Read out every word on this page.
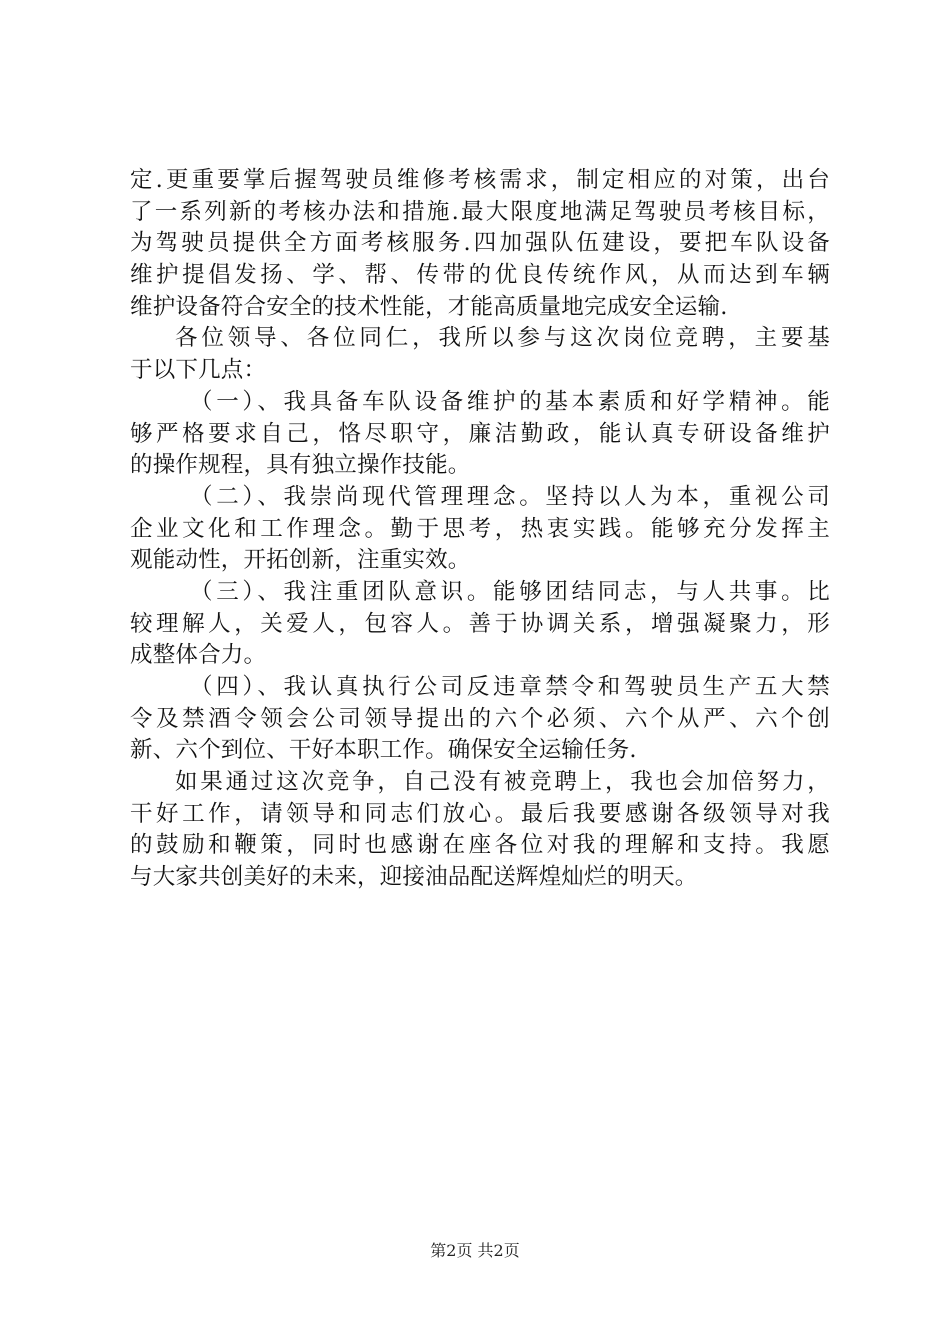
定.更重要掌后握驾驶员维修考核需求，制定相应的对策，出台
了一系列新的考核办法和措施.最大限度地满足驾驶员考核目标，
为驾驶员提供全方面考核服务.四加强队伍建设，要把车队设备
维护提倡发扬、学、帮、传带的优良传统作风，从而达到车辆
维护设备符合安全的技术性能，才能高质量地完成安全运输.
各位领导、各位同仁，我所以参与这次岗位竞聘，主要基
于以下几点：
（一）、我具备车队设备维护的基本素质和好学精神。能
够严格要求自己，恪尽职守，廉洁勤政，能认真专研设备维护
的操作规程，具有独立操作技能。
（二）、我崇尚现代管理理念。坚持以人为本，重视公司
企业文化和工作理念。勤于思考，热衷实践。能够充分发挥主
观能动性，开拓创新，注重实效。
（三）、我注重团队意识。能够团结同志，与人共事。比
较理解人，关爱人，包容人。善于协调关系，增强凝聚力，形
成整体合力。
（四）、我认真执行公司反违章禁令和驾驶员生产五大禁
令及禁酒令领会公司领导提出的六个必须、六个从严、六个创
新、六个到位、干好本职工作。确保安全运输任务.
如果通过这次竞争，自己没有被竞聘上，我也会加倍努力，
干好工作，请领导和同志们放心。最后我要感谢各级领导对我
的鼓励和鞭策，同时也感谢在座各位对我的理解和支持。我愿
与大家共创美好的未来，迎接油品配送辉煌灿烂的明天。
第2页 共2页
